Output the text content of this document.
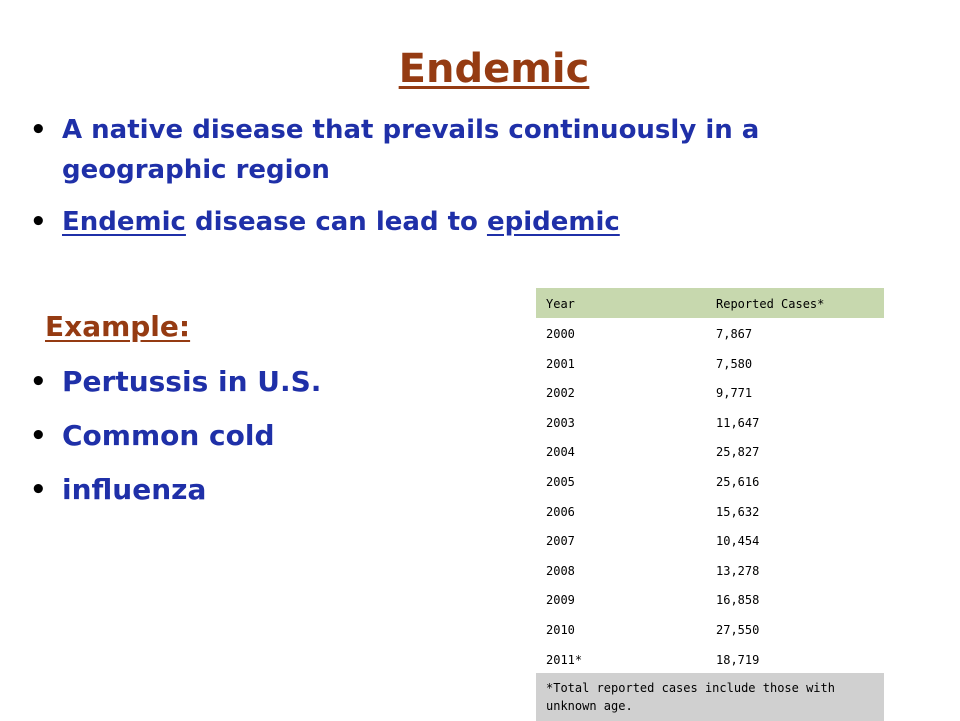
Endemic
• A native disease that prevails continuously in a geographic region
• Endemic disease can lead to epidemic
Example:
• Pertussis in U.S.
• Common cold
• influenza
Year	Reported Cases*
2000	7,867
2001	7,580
2002	9,771
2003	11,647
2004	25,827
2005	25,616
2006	15,632
2007	10,454
2008	13,278
2009	16,858
2010	27,550
2011*	18,719
*Total reported cases include those with unknown age.
